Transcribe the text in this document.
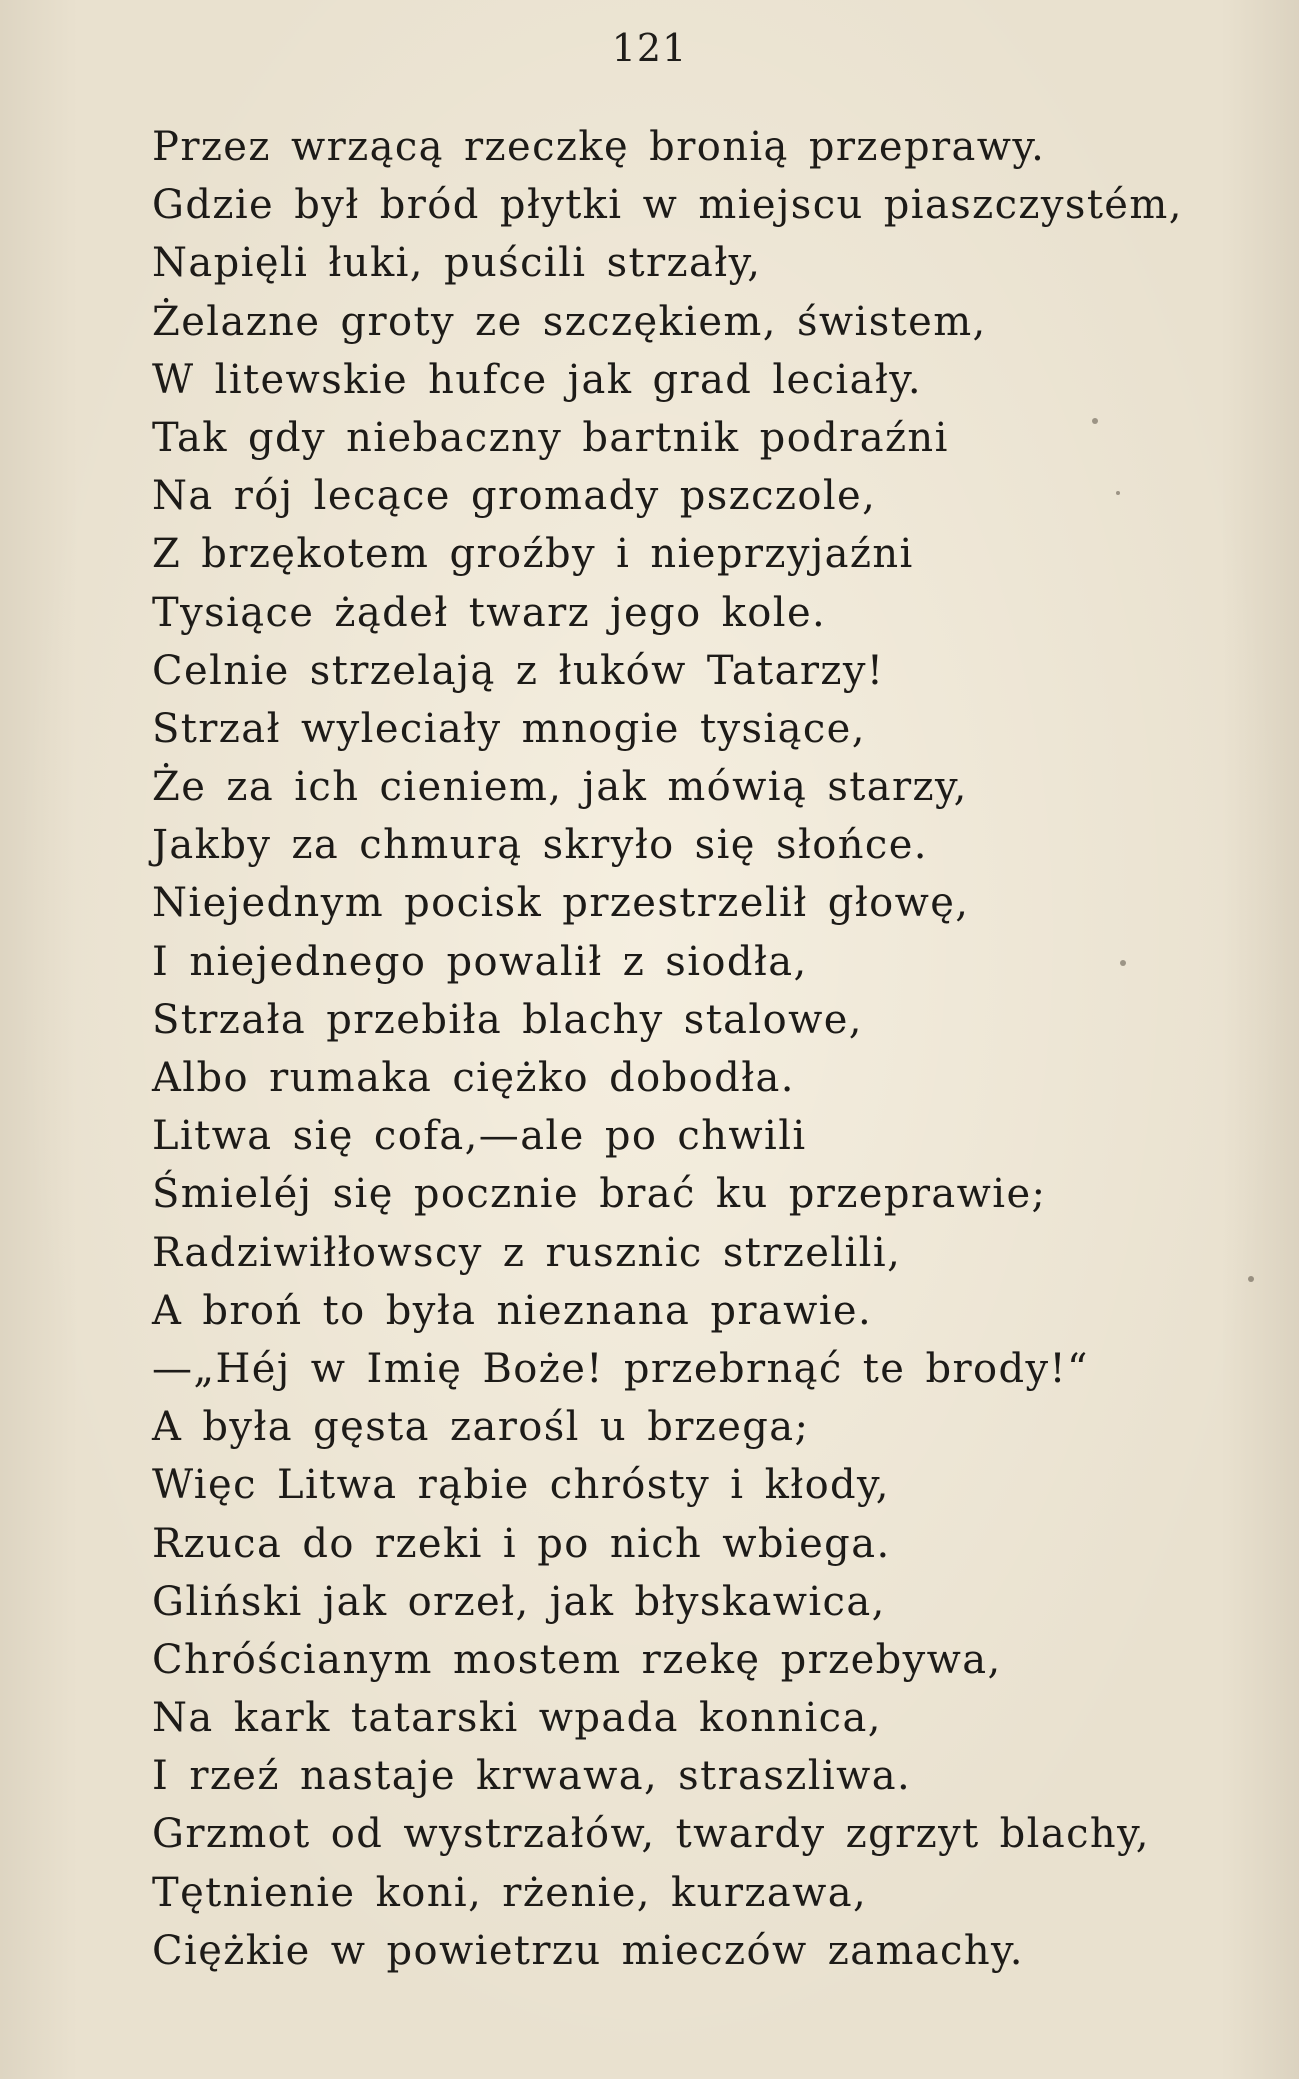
121
Przez wrzącą rzeczkę bronią przeprawy.
Gdzie był bród płytki w miejscu piaszczystém,
Napięli łuki, puścili strzały,
Żelazne groty ze szczękiem, świstem,
W litewskie hufce jak grad leciały.
Tak gdy niebaczny bartnik podraźni
Na rój lecące gromady pszczole,
Z brzękotem groźby i nieprzyjaźni
Tysiące żądeł twarz jego kole.
Celnie strzelają z łuków Tatarzy!
Strzał wyleciały mnogie tysiące,
Że za ich cieniem, jak mówią starzy,
Jakby za chmurą skryło się słońce.
Niejednym pocisk przestrzelił głowę,
I niejednego powalił z siodła,
Strzała przebiła blachy stalowe,
Albo rumaka ciężko dobodła.
Litwa się cofa,—ale po chwili
Śmieléj się pocznie brać ku przeprawie;
Radziwiłłowscy z rusznic strzelili,
A broń to była nieznana prawie.
—„Héj w Imię Boże! przebrnąć te brody!“
A była gęsta zarośl u brzega;
Więc Litwa rąbie chrósty i kłody,
Rzuca do rzeki i po nich wbiega.
Gliński jak orzeł, jak błyskawica,
Chróścianym mostem rzekę przebywa,
Na kark tatarski wpada konnica,
I rzeź nastaje krwawa, straszliwa.
Grzmot od wystrzałów, twardy zgrzyt blachy,
Tętnienie koni, rżenie, kurzawa,
Ciężkie w powietrzu mieczów zamachy.
